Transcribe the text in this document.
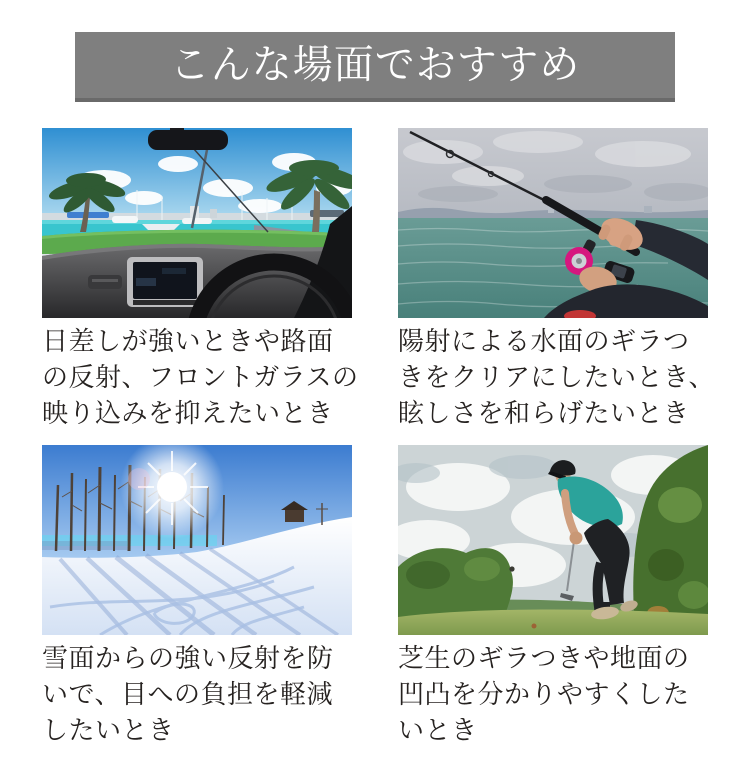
こんな場面でおすすめ
日差しが強いときや路面
の反射、フロントガラスの
映り込みを抑えたいとき
陽射による水面のギラつ
きをクリアにしたいとき、
眩しさを和らげたいとき
雪面からの強い反射を防
いで、目への負担を軽減
したいとき
芝生のギラつきや地面の
凹凸を分かりやすくした
いとき
